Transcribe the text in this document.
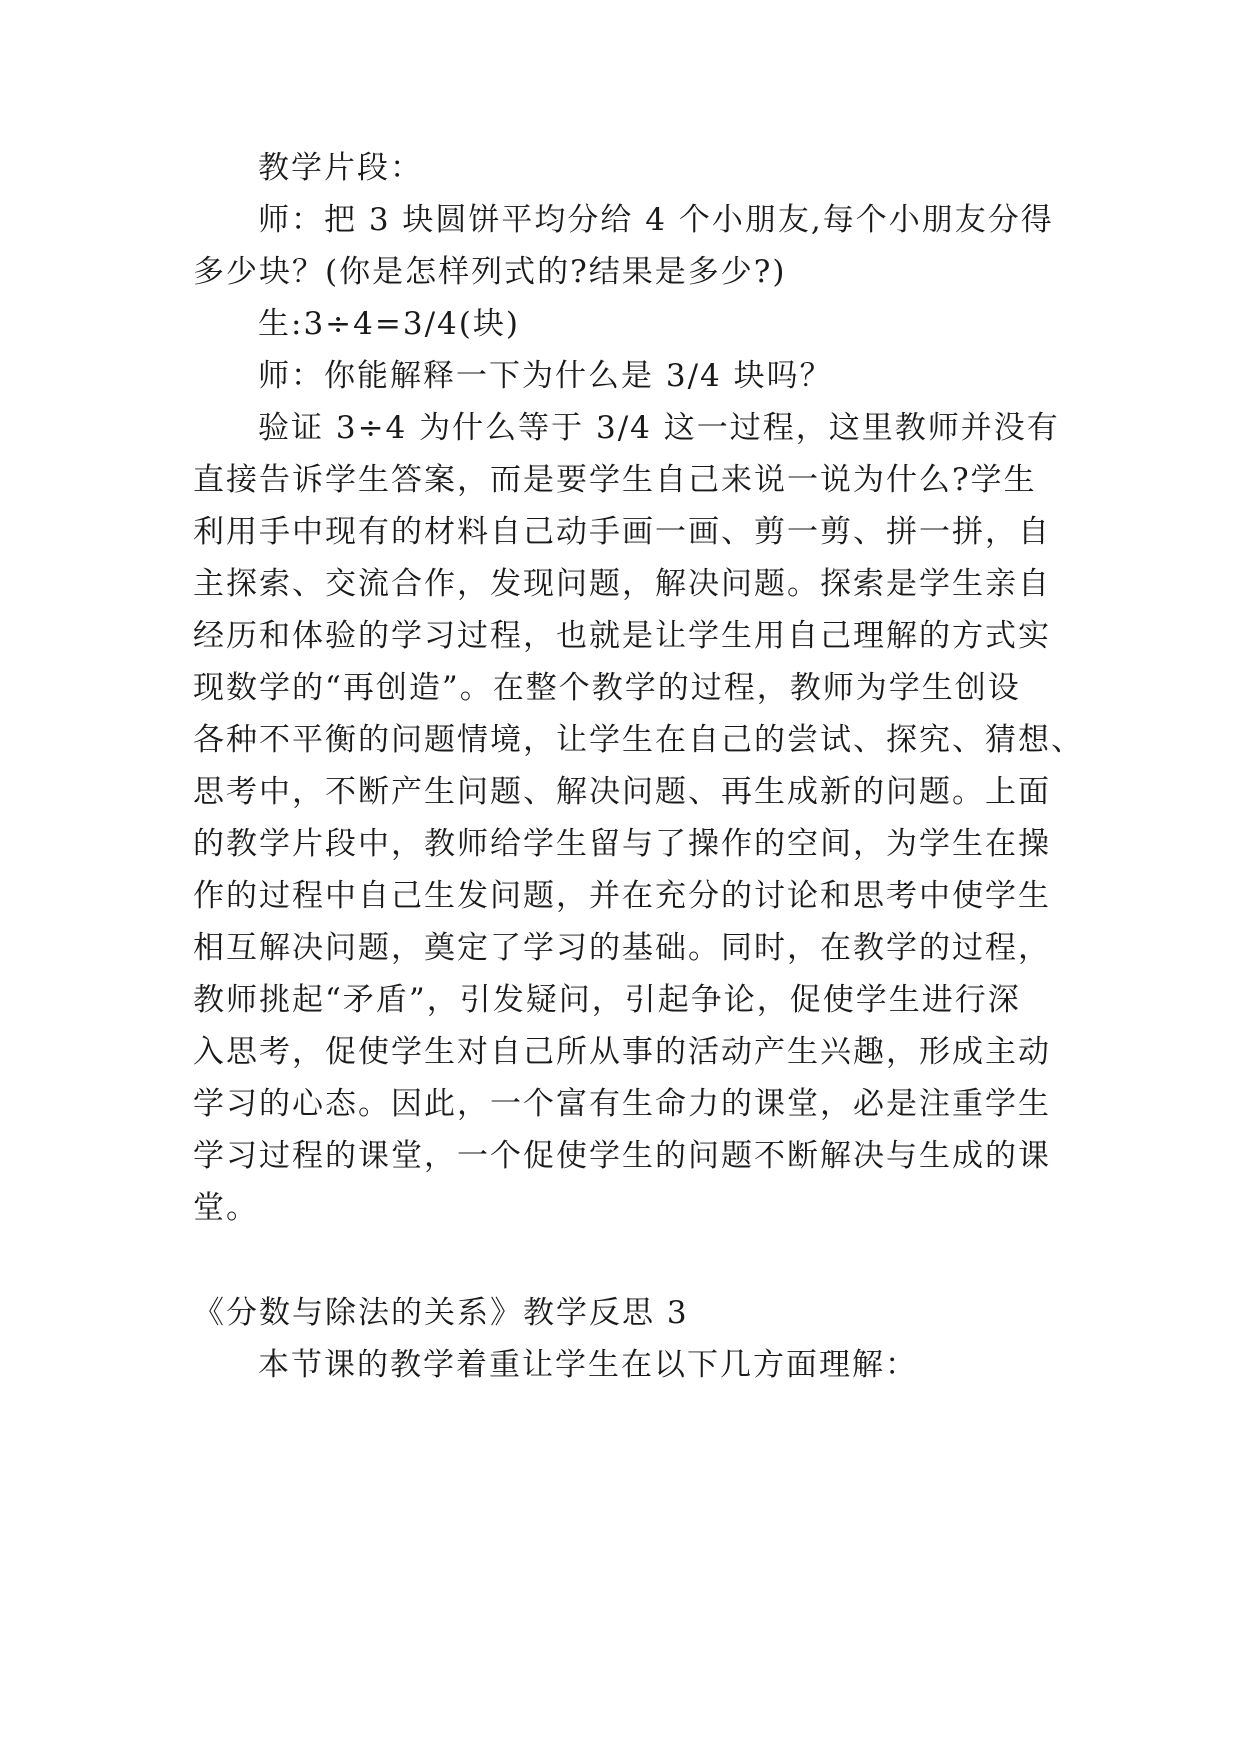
教学片段：
师：把 3 块圆饼平均分给 4 个小朋友,每个小朋友分得
多少块？(你是怎样列式的?结果是多少?)
生:3÷4=3/4(块)
师：你能解释一下为什么是 3/4 块吗？
验证 3÷4 为什么等于 3/4 这一过程，这里教师并没有
直接告诉学生答案，而是要学生自己来说一说为什么?学生
利用手中现有的材料自己动手画一画、剪一剪、拼一拼，自
主探索、交流合作，发现问题，解决问题。探索是学生亲自
经历和体验的学习过程，也就是让学生用自己理解的方式实
现数学的“再创造”。在整个教学的过程，教师为学生创设
各种不平衡的问题情境，让学生在自己的尝试、探究、猜想、
思考中，不断产生问题、解决问题、再生成新的问题。上面
的教学片段中，教师给学生留与了操作的空间，为学生在操
作的过程中自己生发问题，并在充分的讨论和思考中使学生
相互解决问题，奠定了学习的基础。同时，在教学的过程，
教师挑起“矛盾”，引发疑问，引起争论，促使学生进行深
入思考，促使学生对自己所从事的活动产生兴趣，形成主动
学习的心态。因此，一个富有生命力的课堂，必是注重学生
学习过程的课堂，一个促使学生的问题不断解决与生成的课
堂。
《分数与除法的关系》教学反思 3
本节课的教学着重让学生在以下几方面理解：
